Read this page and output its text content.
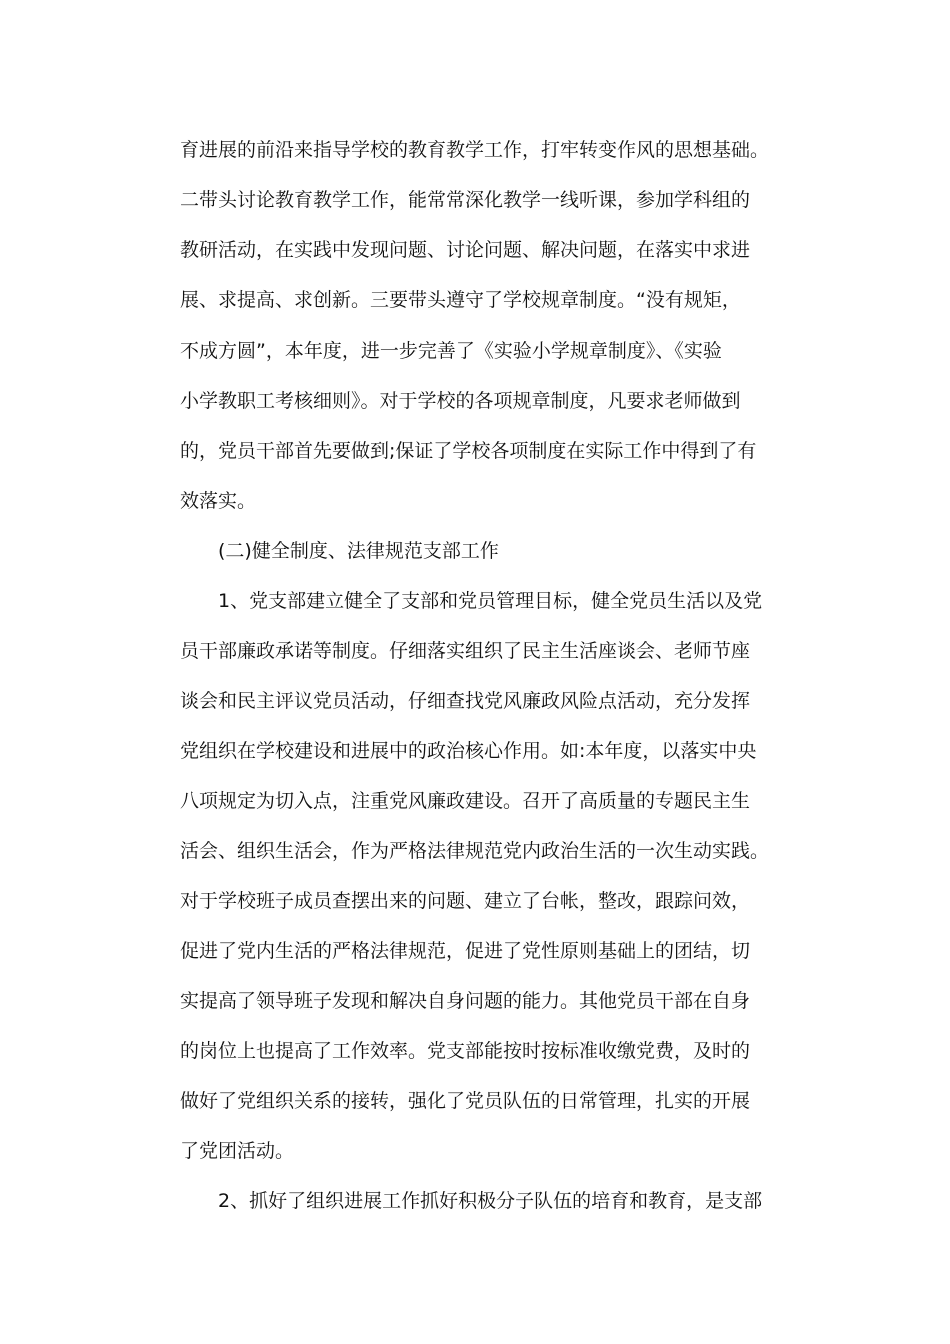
育进展的前沿来指导学校的教育教学工作，打牢转变作风的思想基础。
二带头讨论教育教学工作，能常常深化教学一线听课，参加学科组的
教研活动，在实践中发现问题、讨论问题、解决问题，在落实中求进
展、求提高、求创新。三要带头遵守了学校规章制度。“没有规矩，
不成方圆”，本年度，进一步完善了《实验小学规章制度》、《实验
小学教职工考核细则》。对于学校的各项规章制度，凡要求老师做到
的，党员干部首先要做到;保证了学校各项制度在实际工作中得到了有
效落实。
(二)健全制度、法律规范支部工作
1、党支部建立健全了支部和党员管理目标，健全党员生活以及党
员干部廉政承诺等制度。仔细落实组织了民主生活座谈会、老师节座
谈会和民主评议党员活动，仔细查找党风廉政风险点活动，充分发挥
党组织在学校建设和进展中的政治核心作用。如:本年度，以落实中央
八项规定为切入点，注重党风廉政建设。召开了高质量的专题民主生
活会、组织生活会，作为严格法律规范党内政治生活的一次生动实践。
对于学校班子成员查摆出来的问题、建立了台帐，整改，跟踪问效，
促进了党内生活的严格法律规范，促进了党性原则基础上的团结，切
实提高了领导班子发现和解决自身问题的能力。其他党员干部在自身
的岗位上也提高了工作效率。党支部能按时按标准收缴党费，及时的
做好了党组织关系的接转，强化了党员队伍的日常管理，扎实的开展
了党团活动。
2、抓好了组织进展工作抓好积极分子队伍的培育和教育，是支部
